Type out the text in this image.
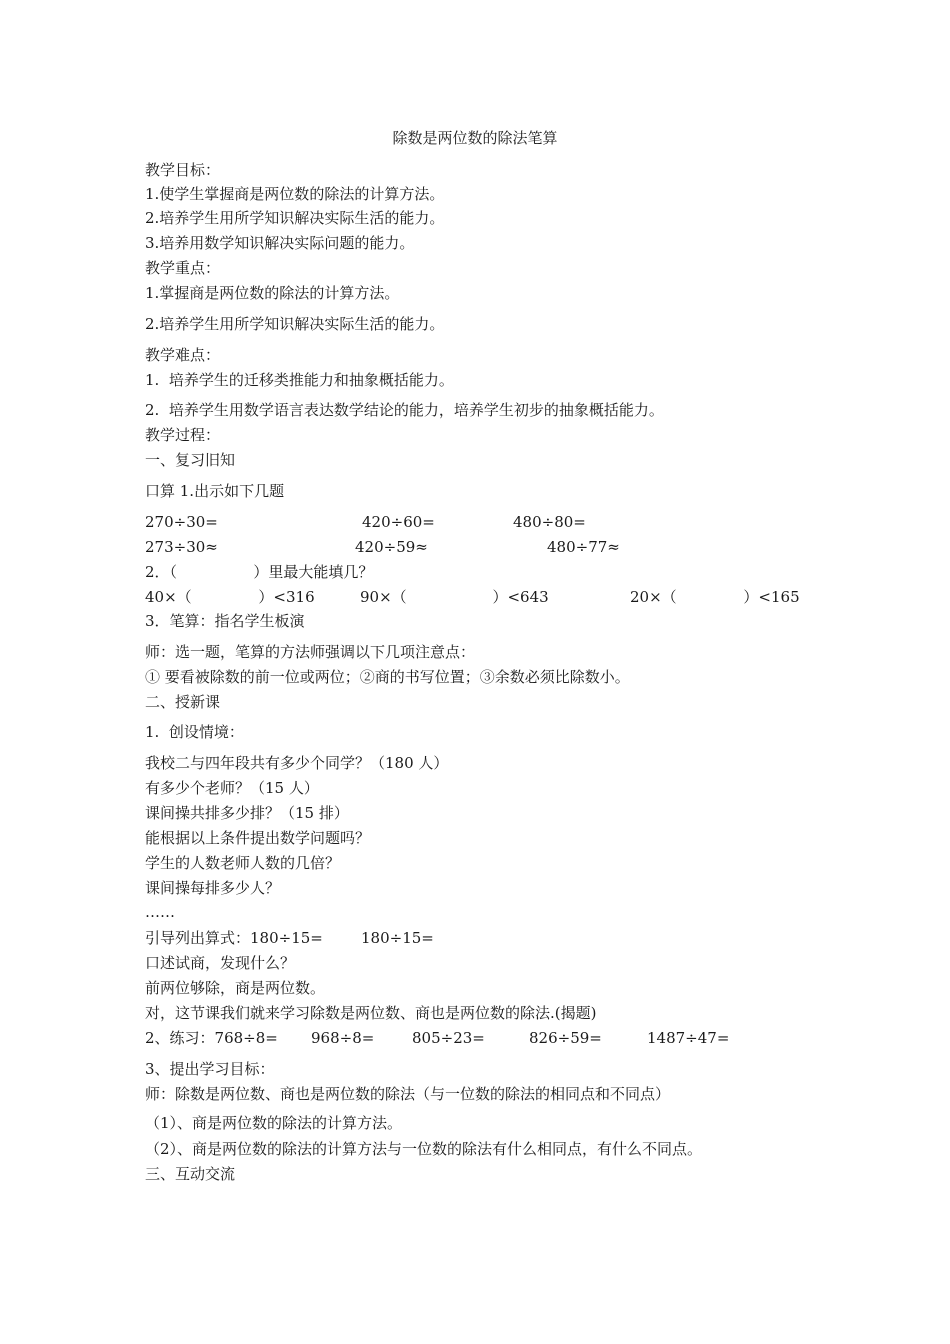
除数是两位数的除法笔算
教学目标：
1.使学生掌握商是两位数的除法的计算方法。
2.培养学生用所学知识解决实际生活的能力。
3.培养用数学知识解决实际问题的能力。
教学重点：
1.掌握商是两位数的除法的计算方法。
2.培养学生用所学知识解决实际生活的能力。
教学难点：
1.  培养学生的迁移类推能力和抽象概括能力。
2.  培养学生用数学语言表达数学结论的能力，培养学生初步的抽象概括能力。
教学过程：
一、复习旧知
口算 1.出示如下几题
270÷30=	420÷60=	480÷80=
273÷30≈	420÷59≈	480÷77≈
2．（                ）里最大能填几？
40×（              ）<316	90×（                  ）<643	20×（              ）<165
3．笔算：指名学生板演
师：选一题，笔算的方法师强调以下几项注意点：
① 要看被除数的前一位或两位；②商的书写位置；③余数必须比除数小。
二、授新课
1.  创设情境：
我校二与四年段共有多少个同学？（180 人）
有多少个老师？（15 人）
课间操共排多少排？（15 排）
能根据以上条件提出数学问题吗？
学生的人数老师人数的几倍？
课间操每排多少人？
……
引导列出算式：180÷15=        180÷15=
口述试商，发现什么？
前两位够除，商是两位数。
对，这节课我们就来学习除数是两位数、商也是两位数的除法.(揭题)
2、练习：768÷8= 968÷8=	805÷23=	826÷59=	1487÷47=
3、提出学习目标：
师：除数是两位数、商也是两位数的除法（与一位数的除法的相同点和不同点）
（1）、商是两位数的除法的计算方法。
（2）、商是两位数的除法的计算方法与一位数的除法有什么相同点，有什么不同点。
三、互动交流
